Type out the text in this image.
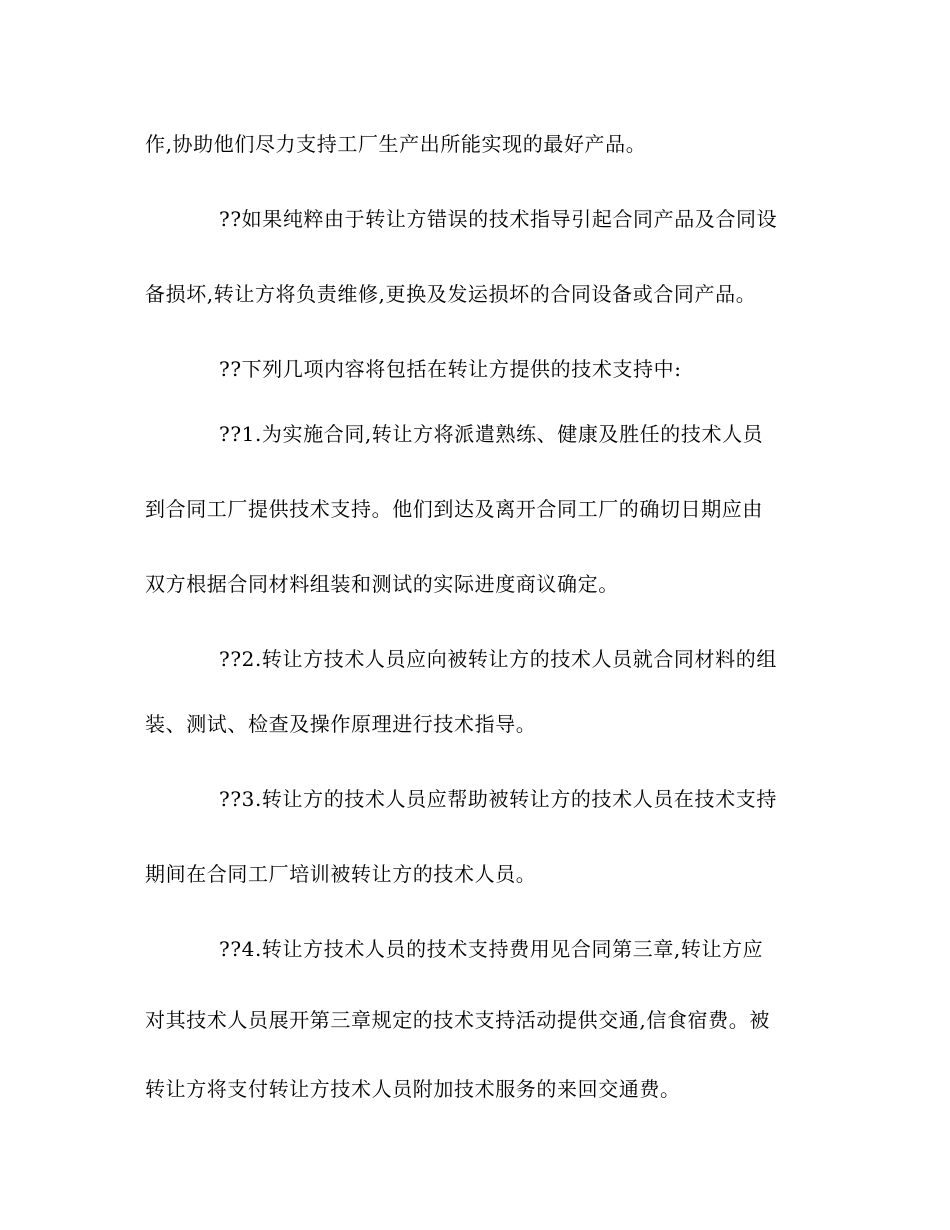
作,协助他们尽力支持工厂生产出所能实现的最好产品。
??如果纯粹由于转让方错误的技术指导引起合同产品及合同设
备损坏,转让方将负责维修,更换及发运损坏的合同设备或合同产品。
??下列几项内容将包括在转让方提供的技术支持中:
??1.为实施合同,转让方将派遣熟练、健康及胜任的技术人员
到合同工厂提供技术支持。他们到达及离开合同工厂的确切日期应由
双方根据合同材料组装和测试的实际进度商议确定。
??2.转让方技术人员应向被转让方的技术人员就合同材料的组
装、测试、检查及操作原理进行技术指导。
??3.转让方的技术人员应帮助被转让方的技术人员在技术支持
期间在合同工厂培训被转让方的技术人员。
??4.转让方技术人员的技术支持费用见合同第三章,转让方应
对其技术人员展开第三章规定的技术支持活动提供交通,信食宿费。被
转让方将支付转让方技术人员附加技术服务的来回交通费。
